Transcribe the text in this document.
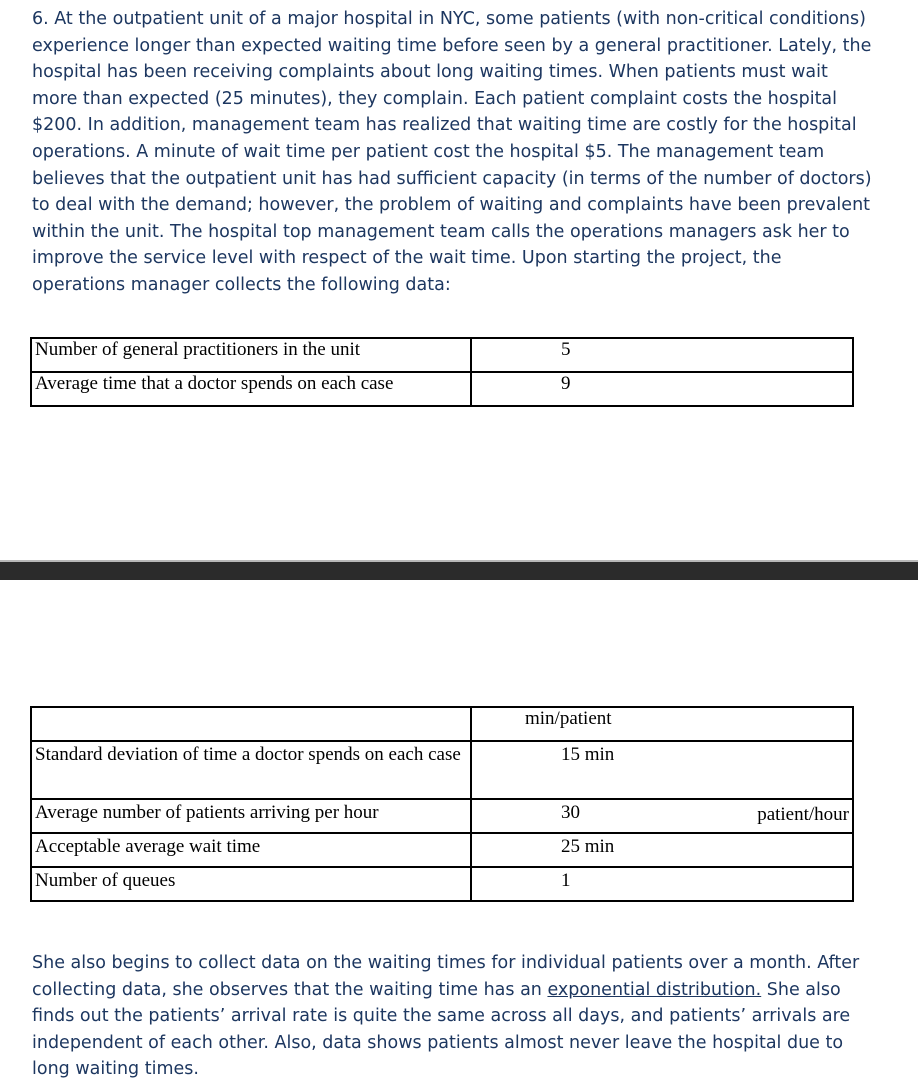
6. At the outpatient unit of a major hospital in NYC, some patients (with non-critical conditions) experience longer than expected waiting time before seen by a general practitioner. Lately, the hospital has been receiving complaints about long waiting times. When patients must wait more than expected (25 minutes), they complain. Each patient complaint costs the hospital $200. In addition, management team has realized that waiting time are costly for the hospital operations. A minute of wait time per patient cost the hospital $5. The management team believes that the outpatient unit has had sufficient capacity (in terms of the number of doctors) to deal with the demand; however, the problem of waiting and complaints have been prevalent within the unit. The hospital top management team calls the operations managers ask her to improve the service level with respect of the wait time. Upon starting the project, the operations manager collects the following data:

Number of general practitioners in the unit	5
Average time that a doctor spends on each case	9
	min/patient
Standard deviation of time a doctor spends on each case	15 min
Average number of patients arriving per hour	30 patient/hour

Acceptable average wait time	25 min
Number of queues	1

She also begins to collect data on the waiting times for individual patients over a month. After collecting data, she observes that the waiting time has an exponential distribution. She also finds out the patients’ arrival rate is quite the same across all days, and patients’ arrivals are independent of each other. Also, data shows patients almost never leave the hospital due to long waiting times.
